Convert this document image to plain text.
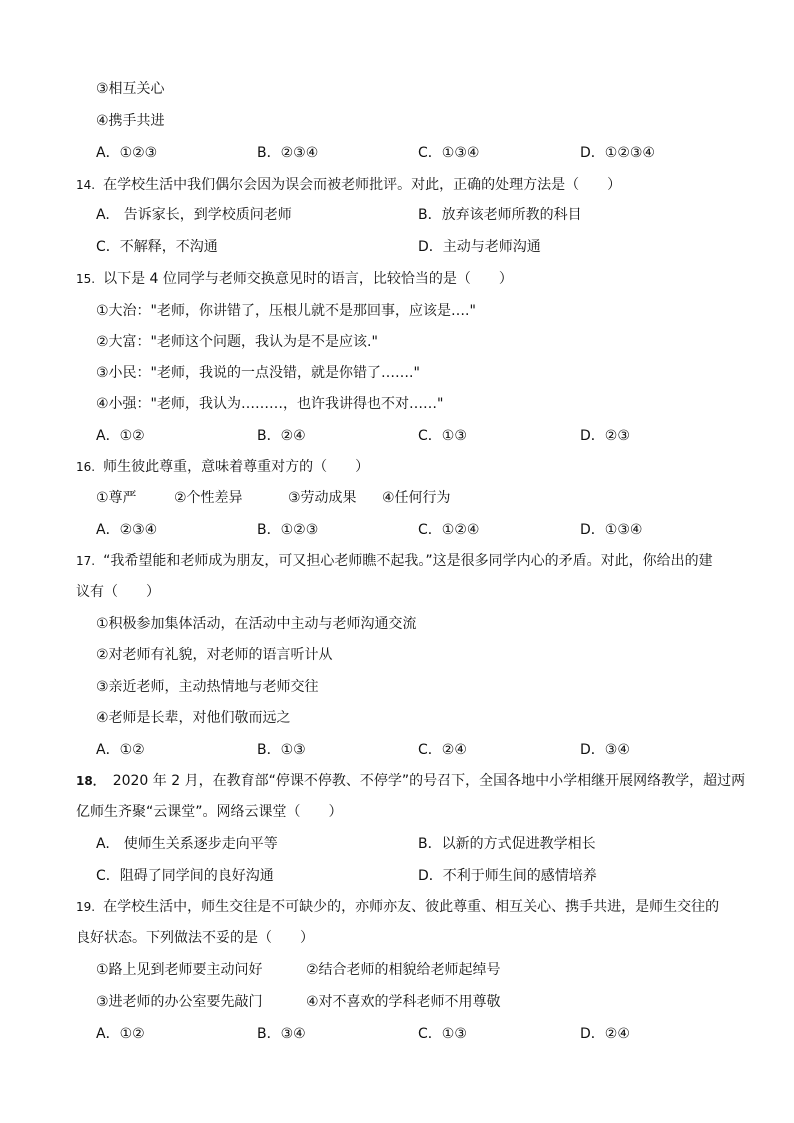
③相互关心
④携手共进
A．①②③	B．②③④	C．①③④	D．①②③④
14. 在学校生活中我们偶尔会因为误会而被老师批评。对此，正确的处理方法是（　　）
A.　告诉家长，到学校质问老师	B．放弃该老师所教的科目
C．不解释，不沟通	D．主动与老师沟通
15. 以下是 4 位同学与老师交换意见时的语言，比较恰当的是（　　）
①大治："老师，你讲错了，压根儿就不是那回事，应该是…."
②大富："老师这个问题，我认为是不是应该."
③小民："老师，我说的一点没错，就是你错了……."
④小强："老师，我认为………，也许我讲得也不对……"
A．①②	B．②④	C．①③	D．②③
16. 师生彼此尊重，意味着尊重对方的（　　）
①尊严	②个性差异	③劳动成果 ④任何行为
A．②③④	B．①②③	C．①②④	D．①③④
17. “我希望能和老师成为朋友，可又担心老师瞧不起我。”这是很多同学内心的矛盾。对此，你给出的建
议有（　　）
①积极参加集体活动，在活动中主动与老师沟通交流
②对老师有礼貌，对老师的语言听计从
③亲近老师，主动热情地与老师交往
④老师是长辈，对他们敬而远之
A．①②	B．①③	C．②④	D．③④
18． 2020 年 2 月，在教育部“停课不停教、不停学”的号召下，全国各地中小学相继开展网络教学，超过两
亿师生齐聚“云课堂”。网络云课堂（　　）
A.　使师生关系逐步走向平等	B．以新的方式促进教学相长
C．阻碍了同学间的良好沟通	D．不利于师生间的感情培养
19. 在学校生活中，师生交往是不可缺少的，亦师亦友、彼此尊重、相互关心、携手共进，是师生交往的
良好状态。下列做法不妥的是（　　）
①路上见到老师要主动问好	②结合老师的相貌给老师起绰号
③进老师的办公室要先敲门	④对不喜欢的学科老师不用尊敬
A．①②	B．③④	C．①③	D．②④
